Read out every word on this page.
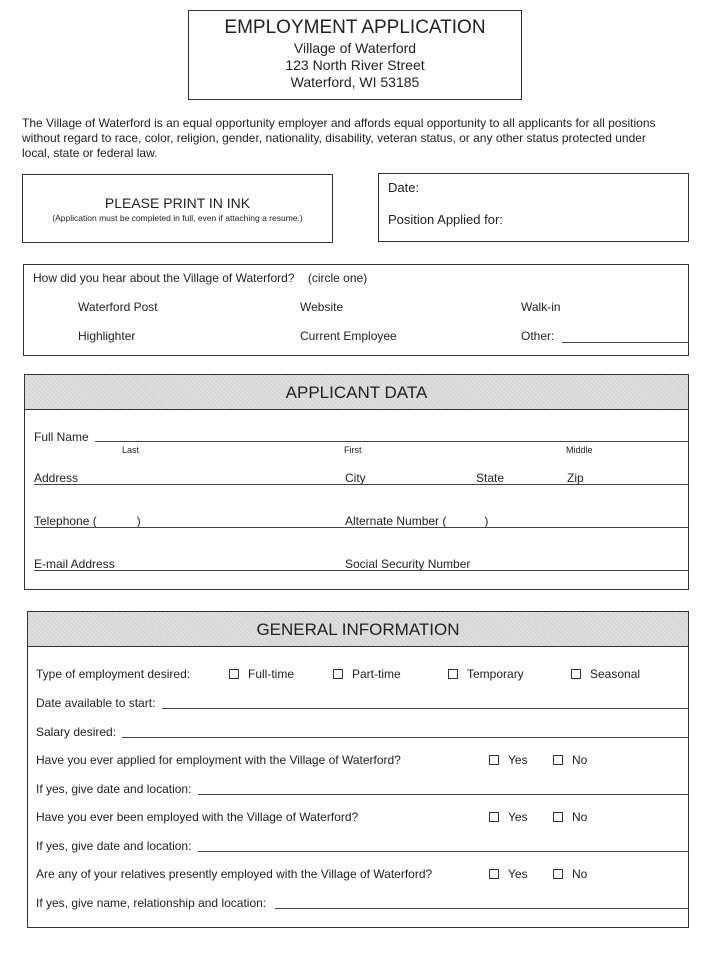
EMPLOYMENT APPLICATION
Village of Waterford
123 North River Street
Waterford, WI 53185
The Village of Waterford is an equal opportunity employer and affords equal opportunity to all applicants for all positions
without regard to race, color, religion, gender, nationality, disability, veteran status, or any other status protected under
local, state or federal law.
PLEASE PRINT IN INK
(Application must be completed in full, even if attaching a resume.)
Date:
Position Applied for:
How did you hear about the Village of Waterford? (circle one)
Waterford Post	Website	Walk-in
Highlighter	Current Employee	Other:
APPLICANT DATA
Full Name
Last	First	Middle
Address	City	State	Zip
Telephone (	)	Alternate Number (	)
E-mail Address	Social Security Number
GENERAL INFORMATION
Type of employment desired:	Full-time	Part-time	Temporary	Seasonal
Date available to start:
Salary desired:
Have you ever applied for employment with the Village of Waterford?	Yes	No
If yes, give date and location:
Have you ever been employed with the Village of Waterford?	Yes	No
If yes, give date and location:
Are any of your relatives presently employed with the Village of Waterford?	Yes	No
If yes, give name, relationship and location:
